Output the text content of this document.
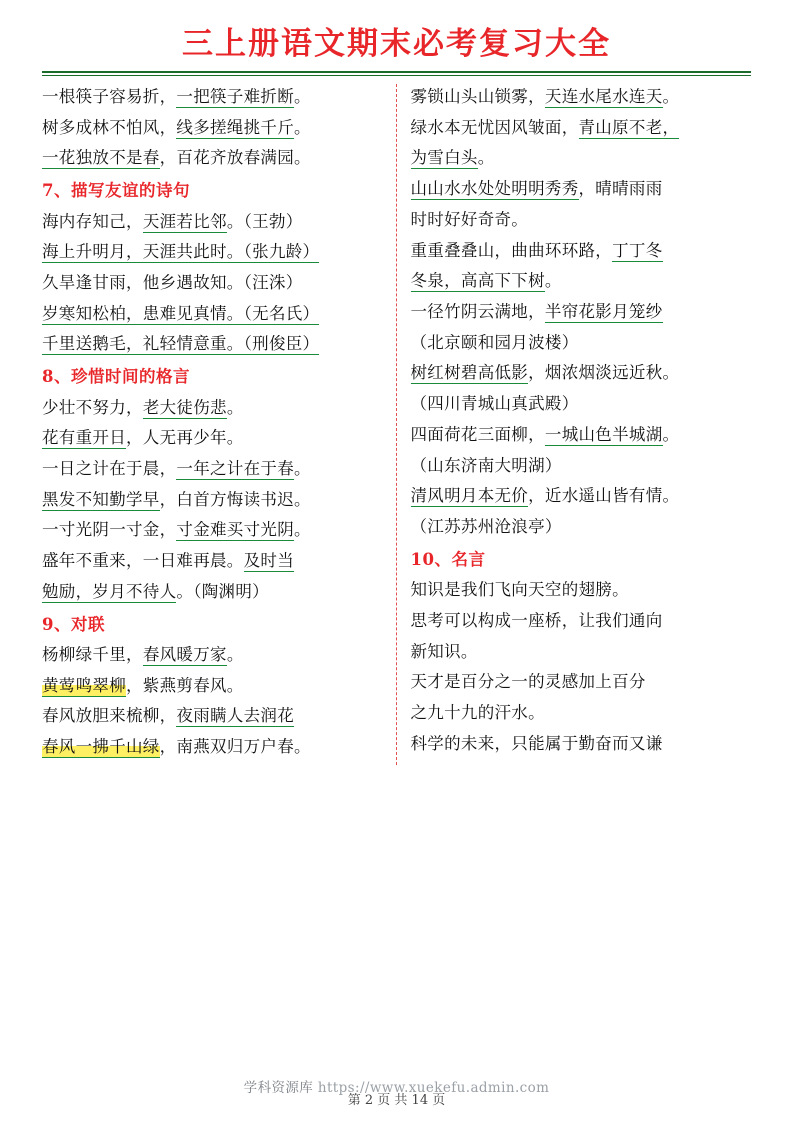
三上册语文期末必考复习大全
一根筷子容易折，一把筷子难折断。
树多成林不怕风，线多搓绳挑千斤。
一花独放不是春，百花齐放春满园。
7、描写友谊的诗句
海内存知己，天涯若比邻。（王勃）
海上升明月，天涯共此时。（张九龄）
久旱逢甘雨，他乡遇故知。（汪洙）
岁寒知松柏，患难见真情。（无名氏）
千里送鹅毛，礼轻情意重。（刑俊臣）
8、珍惜时间的格言
少壮不努力，老大徒伤悲。
花有重开日，人无再少年。
一日之计在于晨，一年之计在于春。
黑发不知勤学早，白首方悔读书迟。
一寸光阴一寸金，寸金难买寸光阴。
盛年不重来，一日难再晨。及时当
勉励，岁月不待人。（陶渊明）
9、对联
杨柳绿千里，春风暖万家。
黄莺鸣翠柳，紫燕剪春风。
春风放胆来梳柳，夜雨瞒人去润花
春风一拂千山绿，南燕双归万户春。
雾锁山头山锁雾，天连水尾水连天。
绿水本无忧因风皱面，青山原不老，
为雪白头。
山山水水处处明明秀秀，晴晴雨雨
时时好好奇奇。
重重叠叠山，曲曲环环路，丁丁冬
冬泉，高高下下树。
一径竹阴云满地，半帘花影月笼纱
（北京颐和园月波楼）
树红树碧高低影，烟浓烟淡远近秋。
（四川青城山真武殿）
四面荷花三面柳，一城山色半城湖。
（山东济南大明湖）
清风明月本无价，近水遥山皆有情。
（江苏苏州沧浪亭）
10、名言
知识是我们飞向天空的翅膀。
思考可以构成一座桥，让我们通向
新知识。
天才是百分之一的灵感加上百分
之九十九的汗水。
科学的未来，只能属于勤奋而又谦
学科资源库 https://www.xuekefu.admin.com
第 2 页 共 14 页
